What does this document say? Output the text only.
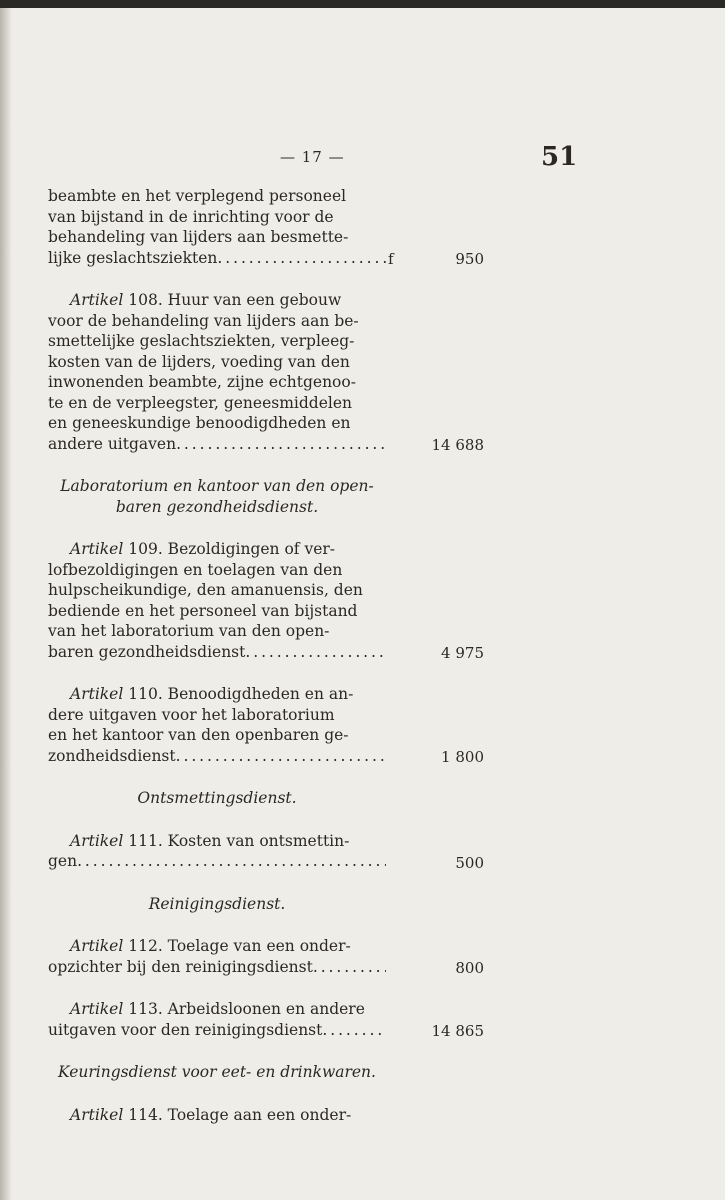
— 17 —	51
beambte en het verplegend personeel
van bijstand in de inrichting voor de
behandeling van lijders aan besmette-
lijke geslachtsziekten . . .	f	950
Artikel 108. Huur van een gebouw
voor de behandeling van lijders aan be-
smettelijke geslachtsziekten, verpleeg-
kosten van de lijders, voeding van den
inwonenden beambte, zijne echtgenoo-
te en de verpleegster, geneesmiddelen
en geneeskundige benoodigdheden en
andere uitgaven . . .	14 688
Laboratorium en kantoor van den open-
baren gezondheidsdienst.
Artikel 109. Bezoldigingen of ver-
lofbezoldigingen en toelagen van den
hulpscheikundige, den amanuensis, den
bediende en het personeel van bijstand
van het laboratorium van den open-
baren gezondheidsdienst . . .	4 975
Artikel 110. Benoodigdheden en an-
dere uitgaven voor het laboratorium
en het kantoor van den openbaren ge-
zondheidsdienst . . .	1 800
Ontsmettingsdienst.
Artikel 111. Kosten van ontsmettin-
gen . . .	500
Reinigingsdienst.
Artikel 112. Toelage van een onder-
opzichter bij den reinigingsdienst . . .	800
Artikel 113. Arbeidsloonen en andere
uitgaven voor den reinigingsdienst . . .	14 865
Keuringsdienst voor eet- en drinkwaren.
Artikel 114. Toelage aan een onder-
